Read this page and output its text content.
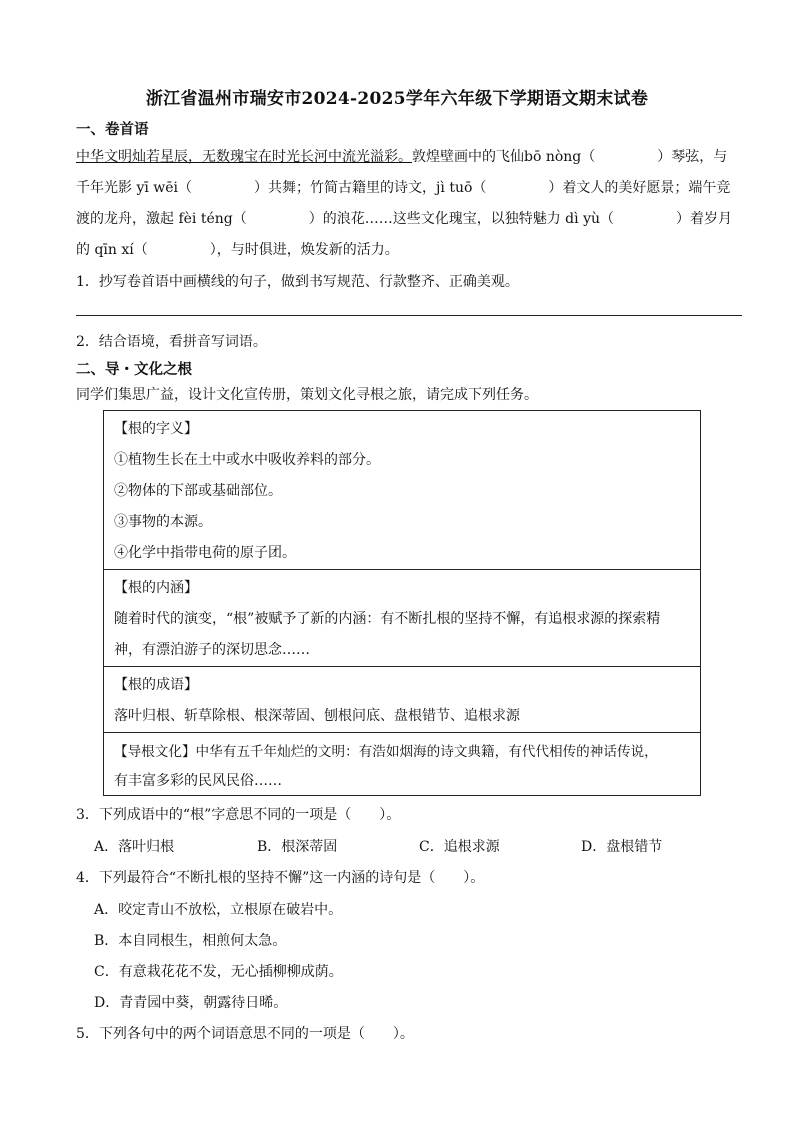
浙江省温州市瑞安市2024-2025学年六年级下学期语文期末试卷
一、卷首语
中华文明灿若星辰，无数瑰宝在时光长河中流光溢彩。敦煌壁画中的飞仙bō nòng（	）琴弦，与
千年光影 yī wēi（	）共舞；竹简古籍里的诗文，jì tuō（	）着文人的美好愿景；端午竞
渡的龙舟，激起 fèi téng（	）的浪花……这些文化瑰宝，以独特魅力 dì yù（	）着岁月
的 qīn xí（	），与时俱进，焕发新的活力。
1．抄写卷首语中画横线的句子，做到书写规范、行款整齐、正确美观。
2．结合语境，看拼音写词语。
二、导・文化之根
同学们集思广益，设计文化宣传册，策划文化寻根之旅，请完成下列任务。
【根的字义】
①植物生长在土中或水中吸收养料的部分。
②物体的下部或基础部位。
③事物的本源。
④化学中指带电荷的原子团。
【根的内涵】
随着时代的演变，“根”被赋予了新的内涵：有不断扎根的坚持不懈，有追根求源的探索精
神，有漂泊游子的深切思念……
【根的成语】
落叶归根、斩草除根、根深蒂固、刨根问底、盘根错节、追根求源
【导根文化】中华有五千年灿烂的文明：有浩如烟海的诗文典籍，有代代相传的神话传说，
有丰富多彩的民风民俗……
3．下列成语中的“根”字意思不同的一项是（　　）。
A．落叶归根	B．根深蒂固	C．追根求源	D．盘根错节
4．下列最符合“不断扎根的坚持不懈”这一内涵的诗句是（　　）。
A．咬定青山不放松，立根原在破岩中。
B．本自同根生，相煎何太急。
C．有意栽花花不发，无心插柳柳成荫。
D．青青园中葵，朝露待日晞。
5．下列各句中的两个词语意思不同的一项是（　　）。
